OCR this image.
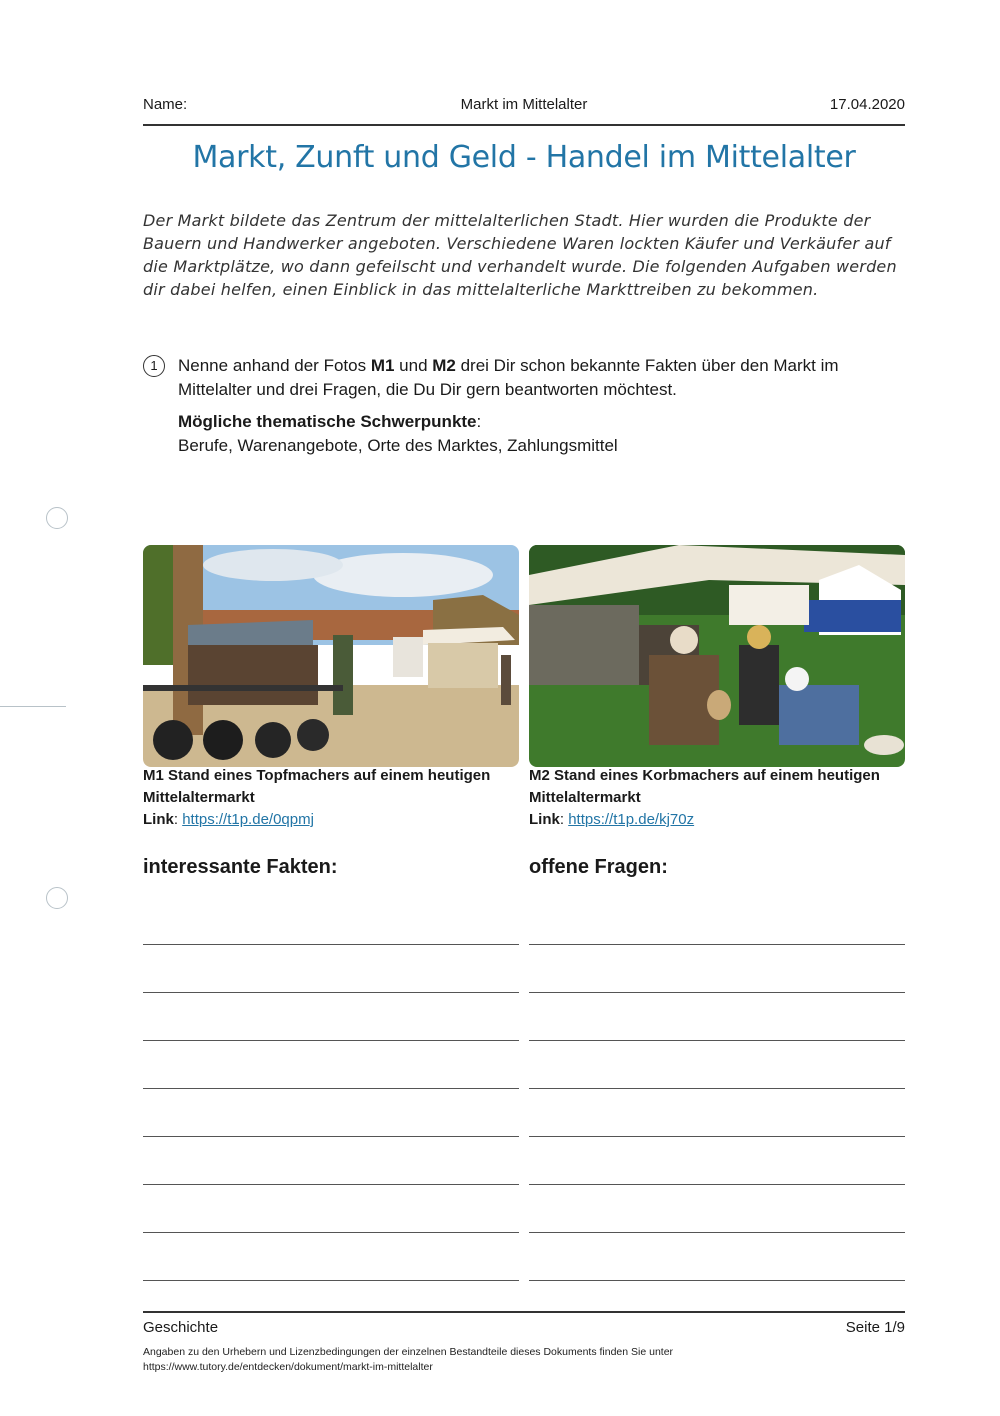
Name:	Markt im Mittelalter	17.04.2020
Markt, Zunft und Geld - Handel im Mittelalter
Der Markt bildete das Zentrum der mittelalterlichen Stadt. Hier wurden die Produkte der Bauern und Handwerker angeboten. Verschiedene Waren lockten Käufer und Verkäufer auf die Marktplätze, wo dann gefeilscht und verhandelt wurde. Die folgenden Aufgaben werden dir dabei helfen, einen Einblick in das mittelalterliche Markttreiben zu bekommen.
1	Nenne anhand der Fotos M1 und M2 drei Dir schon bekannte Fakten über den Markt im Mittelalter und drei Fragen, die Du Dir gern beantworten möchtest.
Mögliche thematische Schwerpunkte:
Berufe, Warenangebote, Orte des Marktes, Zahlungsmittel
M1 Stand eines Topfmachers auf einem heutigen Mittelaltermarkt
Link: https://t1p.de/0qpmj
M2 Stand eines Korbmachers auf einem heutigen Mittelaltermarkt
Link: https://t1p.de/kj70z
interessante Fakten:	offene Fragen:
Geschichte	Seite 1/9
Angaben zu den Urhebern und Lizenzbedingungen der einzelnen Bestandteile dieses Dokuments finden Sie unter
https://www.tutory.de/entdecken/dokument/markt-im-mittelalter
